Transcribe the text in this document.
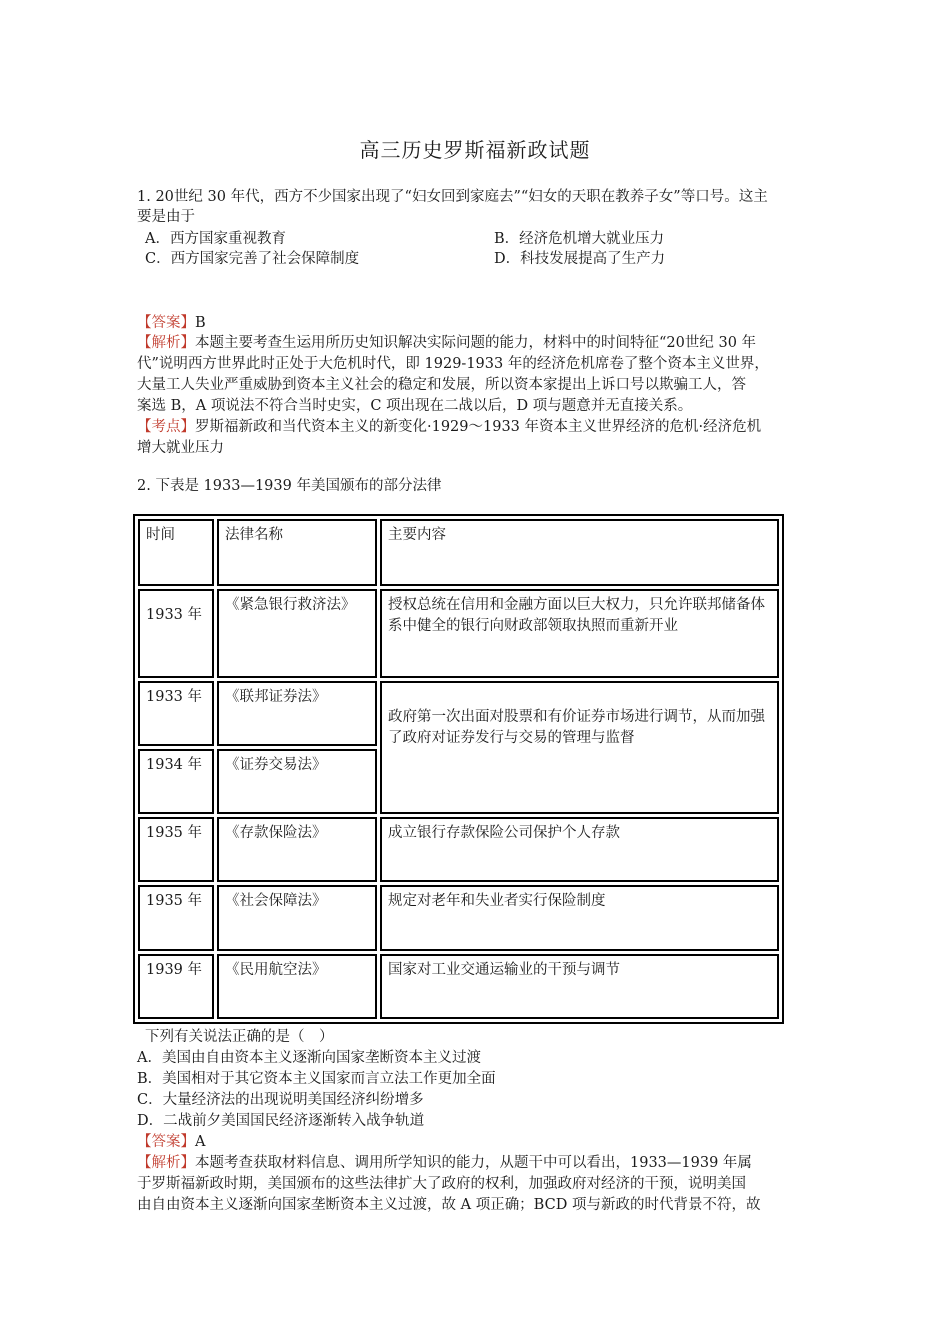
高三历史罗斯福新政试题
1. 20世纪 30 年代，西方不少国家出现了“妇女回到家庭去”“妇女的天职在教养子女”等口号。这主
要是由于
A．西方国家重视教育	B．经济危机增大就业压力
C．西方国家完善了社会保障制度	D．科技发展提高了生产力
【答案】B
【解析】本题主要考查生运用所历史知识解决实际问题的能力，材料中的时间特征“20世纪 30 年
代”说明西方世界此时正处于大危机时代，即 1929-1933 年的经济危机席卷了整个资本主义世界，
大量工人失业严重威胁到资本主义社会的稳定和发展，所以资本家提出上诉口号以欺骗工人，答
案选 B，A 项说法不符合当时史实，C 项出现在二战以后，D 项与题意并无直接关系。
【考点】罗斯福新政和当代资本主义的新变化·1929～1933 年资本主义世界经济的危机·经济危机
增大就业压力
2. 下表是 1933—1939 年美国颁布的部分法律
时间	法律名称	主要内容
1933 年	《紧急银行救济法》	授权总统在信用和金融方面以巨大权力，只允许联邦储备体系中健全的银行向财政部领取执照而重新开业
1933 年	《联邦证券法》	政府第一次出面对股票和有价证券市场进行调节，从而加强了政府对证券发行与交易的管理与监督
1934 年	《证券交易法》	
1935 年	《存款保险法》	成立银行存款保险公司保护个人存款
1935 年	《社会保障法》	规定对老年和失业者实行保险制度
1939 年	《民用航空法》	国家对工业交通运输业的干预与调节
下列有关说法正确的是（　）
A．美国由自由资本主义逐渐向国家垄断资本主义过渡
B．美国相对于其它资本主义国家而言立法工作更加全面
C．大量经济法的出现说明美国经济纠纷增多
D．二战前夕美国国民经济逐渐转入战争轨道
【答案】A
【解析】本题考查获取材料信息、调用所学知识的能力，从题干中可以看出，1933—1939 年属
于罗斯福新政时期，美国颁布的这些法律扩大了政府的权利，加强政府对经济的干预，说明美国
由自由资本主义逐渐向国家垄断资本主义过渡，故 A 项正确；BCD 项与新政的时代背景不符，故
